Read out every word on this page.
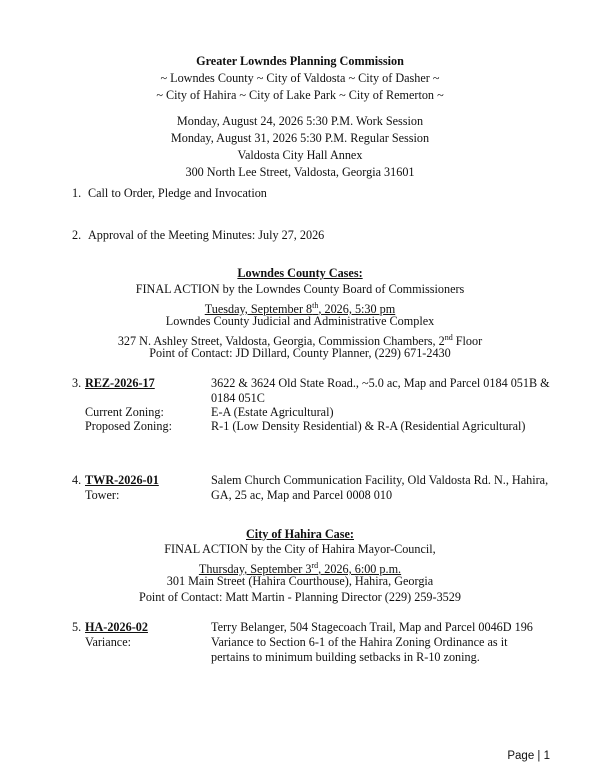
Greater Lowndes Planning Commission
~ Lowndes County ~ City of Valdosta ~ City of Dasher ~
~ City of Hahira ~ City of Lake Park ~ City of Remerton ~
Monday, August 24, 2026 5:30 P.M. Work Session
Monday, August 31, 2026 5:30 P.M. Regular Session
Valdosta City Hall Annex
300 North Lee Street, Valdosta, Georgia 31601
1. Call to Order, Pledge and Invocation
2. Approval of the Meeting Minutes: July 27, 2026
Lowndes County Cases:
FINAL ACTION by the Lowndes County Board of Commissioners
Tuesday, September 8th, 2026, 5:30 pm
Lowndes County Judicial and Administrative Complex
327 N. Ashley Street, Valdosta, Georgia, Commission Chambers, 2nd Floor
Point of Contact: JD Dillard, County Planner, (229) 671-2430
3. REZ-2026-17	3622 & 3624 Old State Road., ~5.0 ac, Map and Parcel 0184 051B &
0184 051C
Current Zoning:	E-A (Estate Agricultural)
Proposed Zoning:	R-1 (Low Density Residential) & R-A (Residential Agricultural)
4. TWR-2026-01	Salem Church Communication Facility, Old Valdosta Rd. N., Hahira,
Tower:	GA, 25 ac, Map and Parcel 0008 010
City of Hahira Case:
FINAL ACTION by the City of Hahira Mayor-Council,
Thursday, September 3rd, 2026, 6:00 p.m.
301 Main Street (Hahira Courthouse), Hahira, Georgia
Point of Contact: Matt Martin - Planning Director (229) 259-3529
5. HA-2026-02	Terry Belanger, 504 Stagecoach Trail, Map and Parcel 0046D 196
Variance:	Variance to Section 6-1 of the Hahira Zoning Ordinance as it
pertains to minimum building setbacks in R-10 zoning.
Page | 1
